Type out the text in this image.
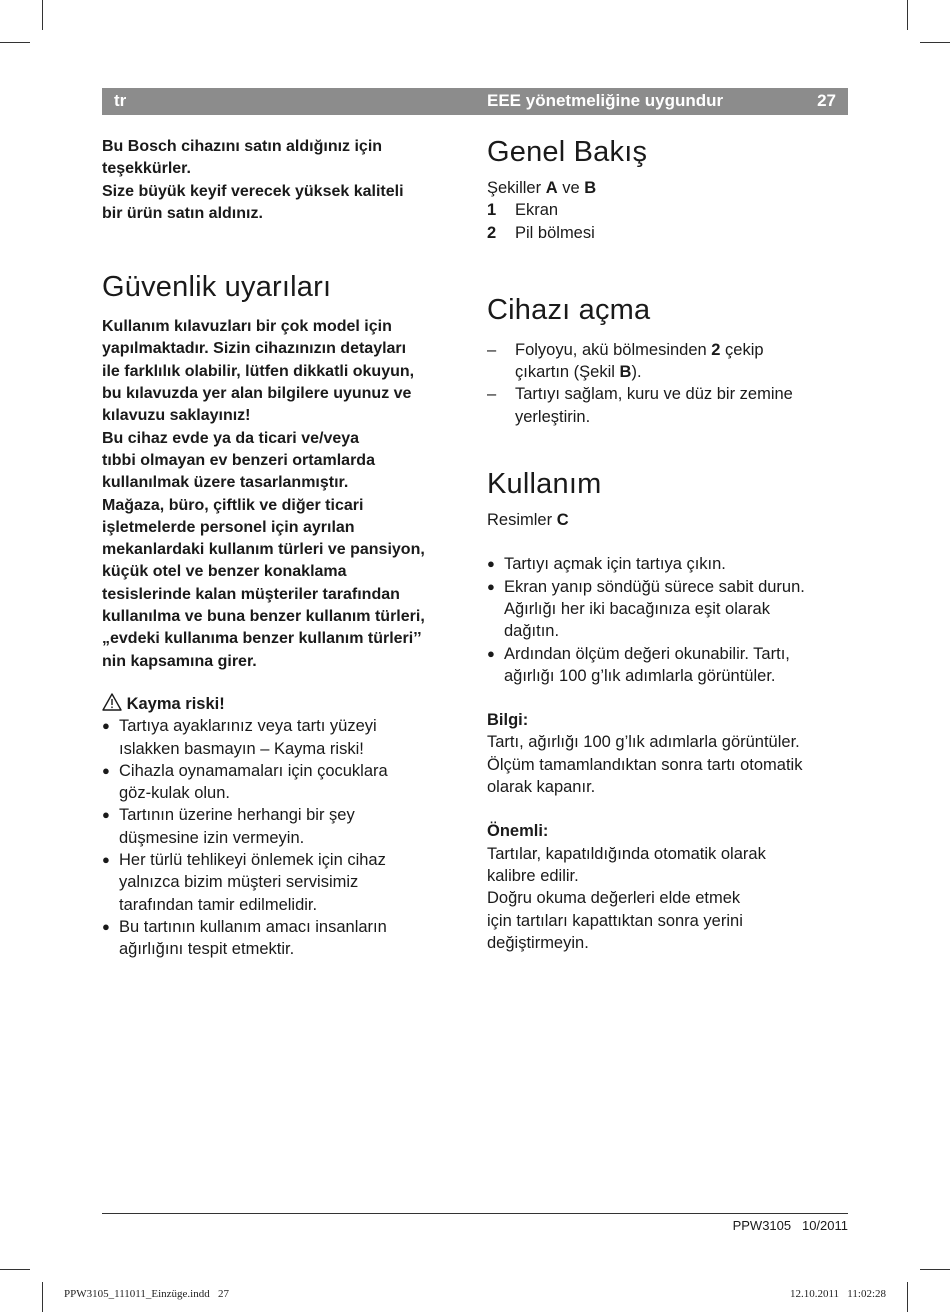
tr	EEE yönetmeliğine uygundur	27
Bu Bosch cihazını satın aldığınız için
teşekkürler.
Size büyük keyif verecek yüksek kaliteli
bir ürün satın aldınız.
Güvenlik uyarıları
Kullanım kılavuzları bir çok model için
yapılmaktadır. Sizin cihazınızın detayları
ile farklılık olabilir, lütfen dikkatli okuyun,
bu kılavuzda yer alan bilgilere uyunuz ve
kılavuzu saklayınız!
Bu cihaz evde ya da ticari ve/veya
tıbbi olmayan ev benzeri ortamlarda
kullanılmak üzere tasarlanmıştır.
Mağaza, büro, çiftlik ve diğer ticari
işletmelerde personel için ayrılan
mekanlardaki kullanım türleri ve pansiyon,
küçük otel ve benzer konaklama
tesislerinde kalan müşteriler tarafından
kullanılma ve buna benzer kullanım türleri,
„evdeki kullanıma benzer kullanım türleri’’
nin kapsamına girer.
Kayma riski!
● Tartıya ayaklarınız veya tartı yüzeyi
ıslakken basmayın – Kayma riski!
● Cihazla oynamamaları için çocuklara
göz-kulak olun.
● Tartının üzerine herhangi bir şey
düşmesine izin vermeyin.
● Her türlü tehlikeyi önlemek için cihaz
yalnızca bizim müşteri servisimiz
tarafından tamir edilmelidir.
● Bu tartının kullanım amacı insanların
ağırlığını tespit etmektir.
Genel Bakış
Şekiller A ve B
1 Ekran
2 Pil bölmesi
Cihazı açma
– Folyoyu, akü bölmesinden 2 çekip
çıkartın (Şekil B).
– Tartıyı sağlam, kuru ve düz bir zemine
yerleştirin.
Kullanım
Resimler C
● Tartıyı açmak için tartıya çıkın.
● Ekran yanıp söndüğü sürece sabit durun.
Ağırlığı her iki bacağınıza eşit olarak
dağıtın.
● Ardından ölçüm değeri okunabilir. Tartı,
ağırlığı 100 g’lık adımlarla görüntüler.
Bilgi:
Tartı, ağırlığı 100 g’lık adımlarla görüntüler.
Ölçüm tamamlandıktan sonra tartı otomatik
olarak kapanır.
Önemli:
Tartılar, kapatıldığında otomatik olarak
kalibre edilir.
Doğru okuma değerleri elde etmek
için tartıları kapattıktan sonra yerini
değiştirmeyin.
PPW3105   10/2011
PPW3105_111011_Einzüge.indd   27	12.10.2011   11:02:28
